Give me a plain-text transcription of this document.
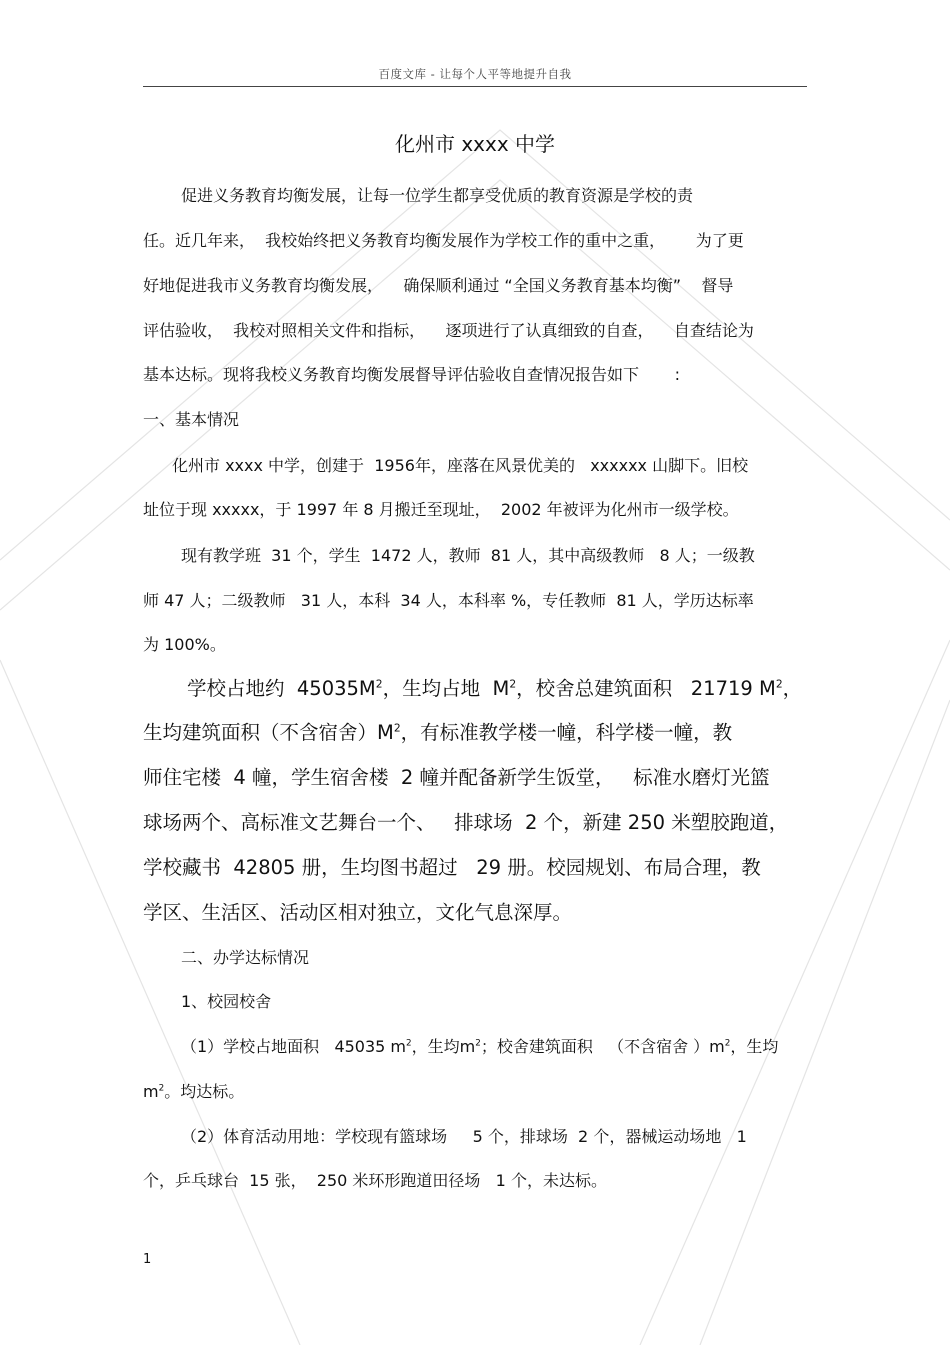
百度文库 - 让每个人平等地提升自我
化州市 xxxx 中学
促进义务教育均衡发展，让每一位学生都享受优质的教育资源是学校的责
任。近几年来，  我校始终把义务教育均衡发展作为学校工作的重中之重，      为了更
好地促进我市义务教育均衡发展，    确保顺利通过 “全国义务教育基本均衡”    督导
评估验收，  我校对照相关文件和指标，    逐项进行了认真细致的自查，    自查结论为
基本达标。现将我校义务教育均衡发展督导评估验收自查情况报告如下       :
一、基本情况
化州市 xxxx 中学，创建于  1956年，座落在风景优美的   xxxxxx 山脚下。旧校
址位于现 xxxxx，于 1997 年 8 月搬迁至现址，  2002 年被评为化州市一级学校。
现有教学班  31 个，学生  1472 人，教师  81 人，其中高级教师   8 人；一级教
师 47 人；二级教师   31 人，本科  34 人，本科率 %，专任教师  81 人，学历达标率
为 100%。
学校占地约  $45035M^2$，生均占地  $M^2$，校舍总建筑面积   21719 $M^2$，
生均建筑面积（不含宿舍）$M^2$，有标准教学楼一幢，科学楼一幢，教
师住宅楼  4 幢，学生宿舍楼  2 幢并配备新学生饭堂，   标准水磨灯光篮
球场两个、高标准文艺舞台一个、   排球场  2 个，新建 250 米塑胶跑道，
学校藏书  42805 册，生均图书超过   29 册。校园规划、布局合理，教
学区、生活区、活动区相对独立，文化气息深厚。
二、办学达标情况
1、校园校舍
（1）学校占地面积   45035 $m^2$，生均$m^2$；校舍建筑面积   （不含宿舍 ）$m^2$，生均
$m^2$。均达标。
（2）体育活动用地：学校现有篮球场     5 个，排球场  2 个，器械运动场地   1
个，乒乓球台  15 张，  250 米环形跑道田径场   1 个，未达标。
1
